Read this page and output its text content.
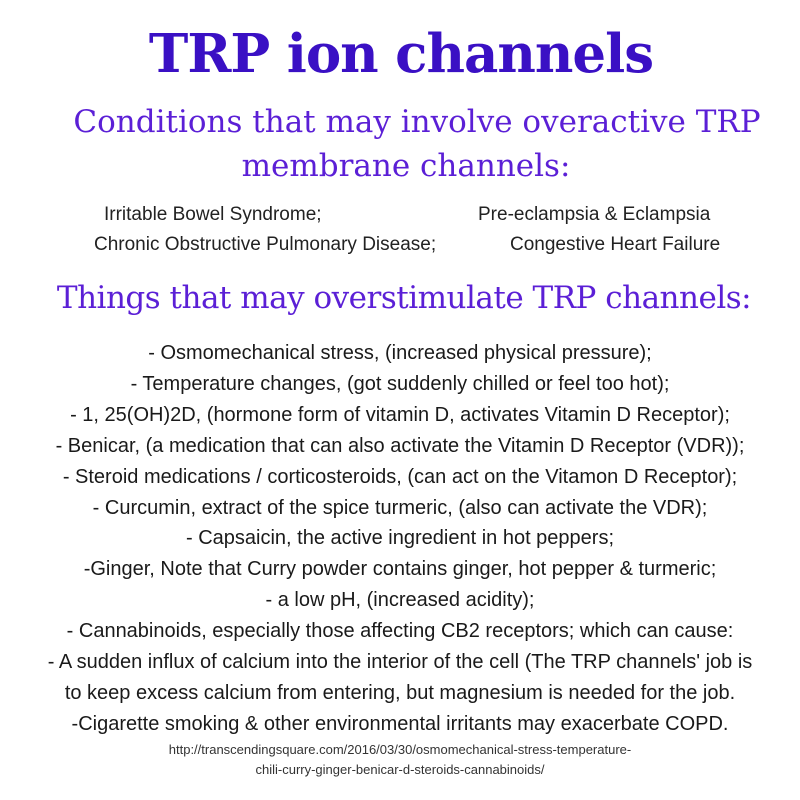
TRP ion channels
Conditions that may involve overactive TRP
membrane channels:
Irritable Bowel Syndrome;	Pre-eclampsia & Eclampsia
Chronic Obstructive Pulmonary Disease;	Congestive Heart Failure
Things that may overstimulate TRP channels:
- Osmomechanical stress, (increased physical pressure);
- Temperature changes, (got suddenly chilled or feel too hot);
- 1, 25(OH)2D, (hormone form of vitamin D, activates Vitamin D Receptor);
- Benicar, (a medication that can also activate the Vitamin D Receptor (VDR));
- Steroid medications / corticosteroids, (can act on the Vitamon D Receptor);
- Curcumin, extract of the spice turmeric, (also can activate the VDR);
- Capsaicin, the active ingredient in hot peppers;
-Ginger, Note that Curry powder contains ginger, hot pepper & turmeric;
- a low pH, (increased acidity);
- Cannabinoids, especially those affecting CB2 receptors; which can cause:
- A sudden influx of calcium into the interior of the cell (The TRP channels' job is
to keep excess calcium from entering, but magnesium is needed for the job.
-Cigarette smoking & other environmental irritants may exacerbate COPD.

http://transcendingsquare.com/2016/03/30/osmomechanical-stress-temperature-
chili-curry-ginger-benicar-d-steroids-cannabinoids/
